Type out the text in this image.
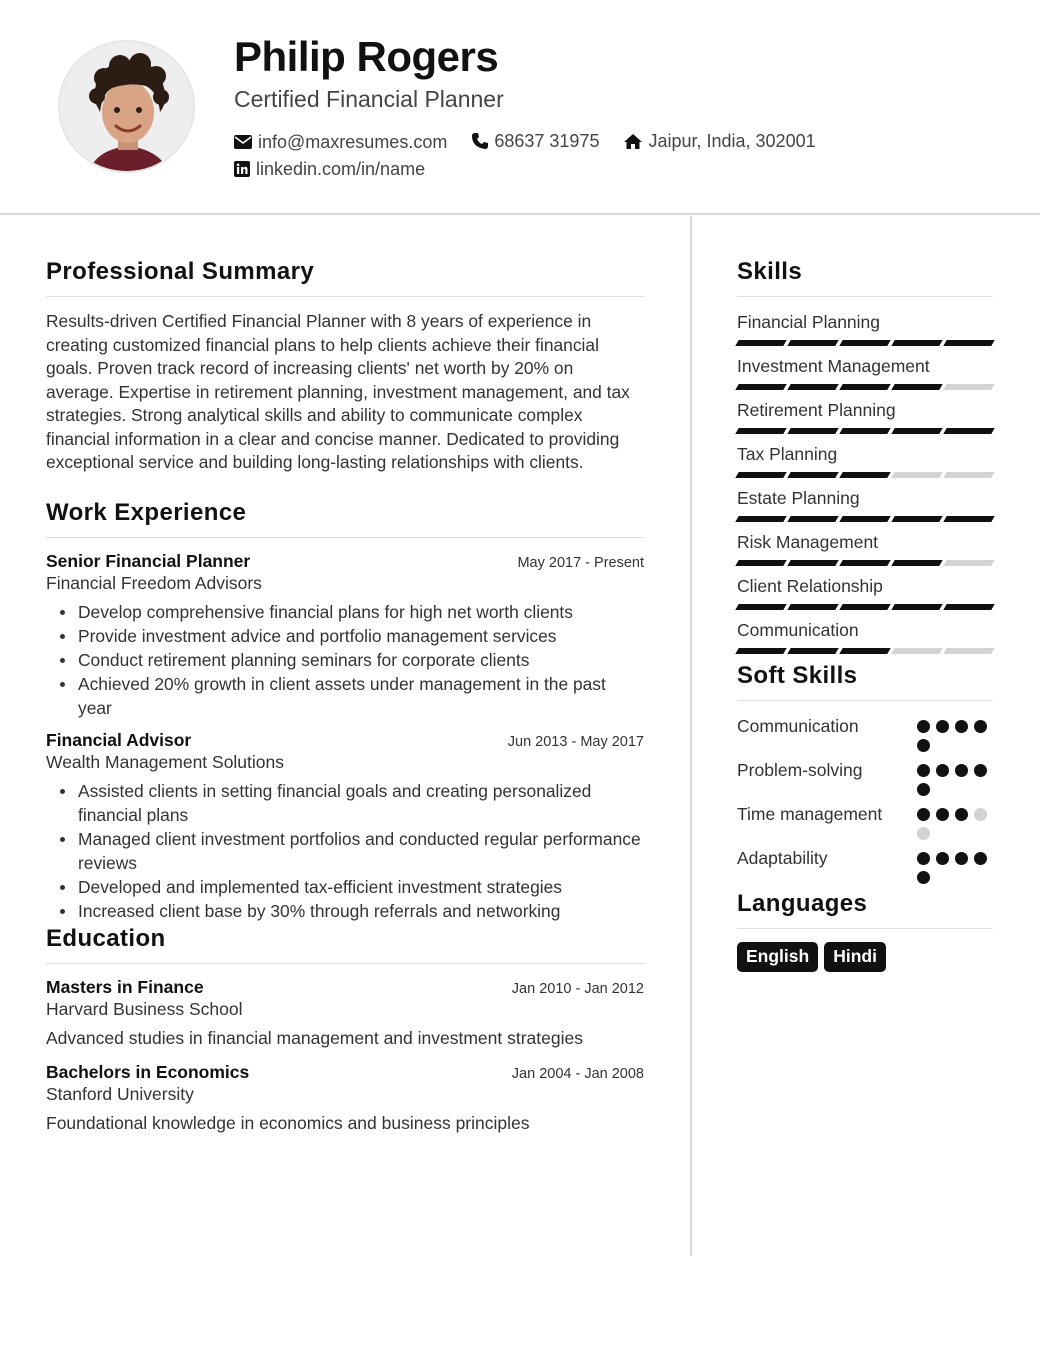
Philip Rogers
Certified Financial Planner
info@maxresumes.com
	68637 31975
	Jaipur, India, 302001
linkedin.com/in/name
Professional Summary

Results-driven Certified Financial Planner with 8 years of experience in creating customized financial plans to help clients achieve their financial goals. Proven track record of increasing clients' net worth by 20% on average. Expertise in retirement planning, investment management, and tax strategies. Strong analytical skills and ability to communicate complex financial information in a clear and concise manner. Dedicated to providing exceptional service and building long-lasting relationships with clients.

Work Experience
Senior Financial Planner	May 2017 - Present
Financial Freedom Advisors
Develop comprehensive financial plans for high net worth clients
Provide investment advice and portfolio management services
Conduct retirement planning seminars for corporate clients
Achieved 20% growth in client assets under management in the past year
Financial Advisor	Jun 2013 - May 2017
Wealth Management Solutions
Assisted clients in setting financial goals and creating personalized financial plans
Managed client investment portfolios and conducted regular performance reviews
Developed and implemented tax-efficient investment strategies
Increased client base by 30% through referrals and networking
Education
Masters in Finance	Jan 2010 - Jan 2012
Harvard Business School
Advanced studies in financial management and investment strategies
Bachelors in Economics	Jan 2004 - Jan 2008
Stanford University
Foundational knowledge in economics and business principles
Skills
Financial Planning
Investment Management
Retirement Planning
Tax Planning
Estate Planning
Risk Management
Client Relationship
Communication
Soft Skills
Communication
Problem-solving
Time management
Adaptability
Languages
English	Hindi
